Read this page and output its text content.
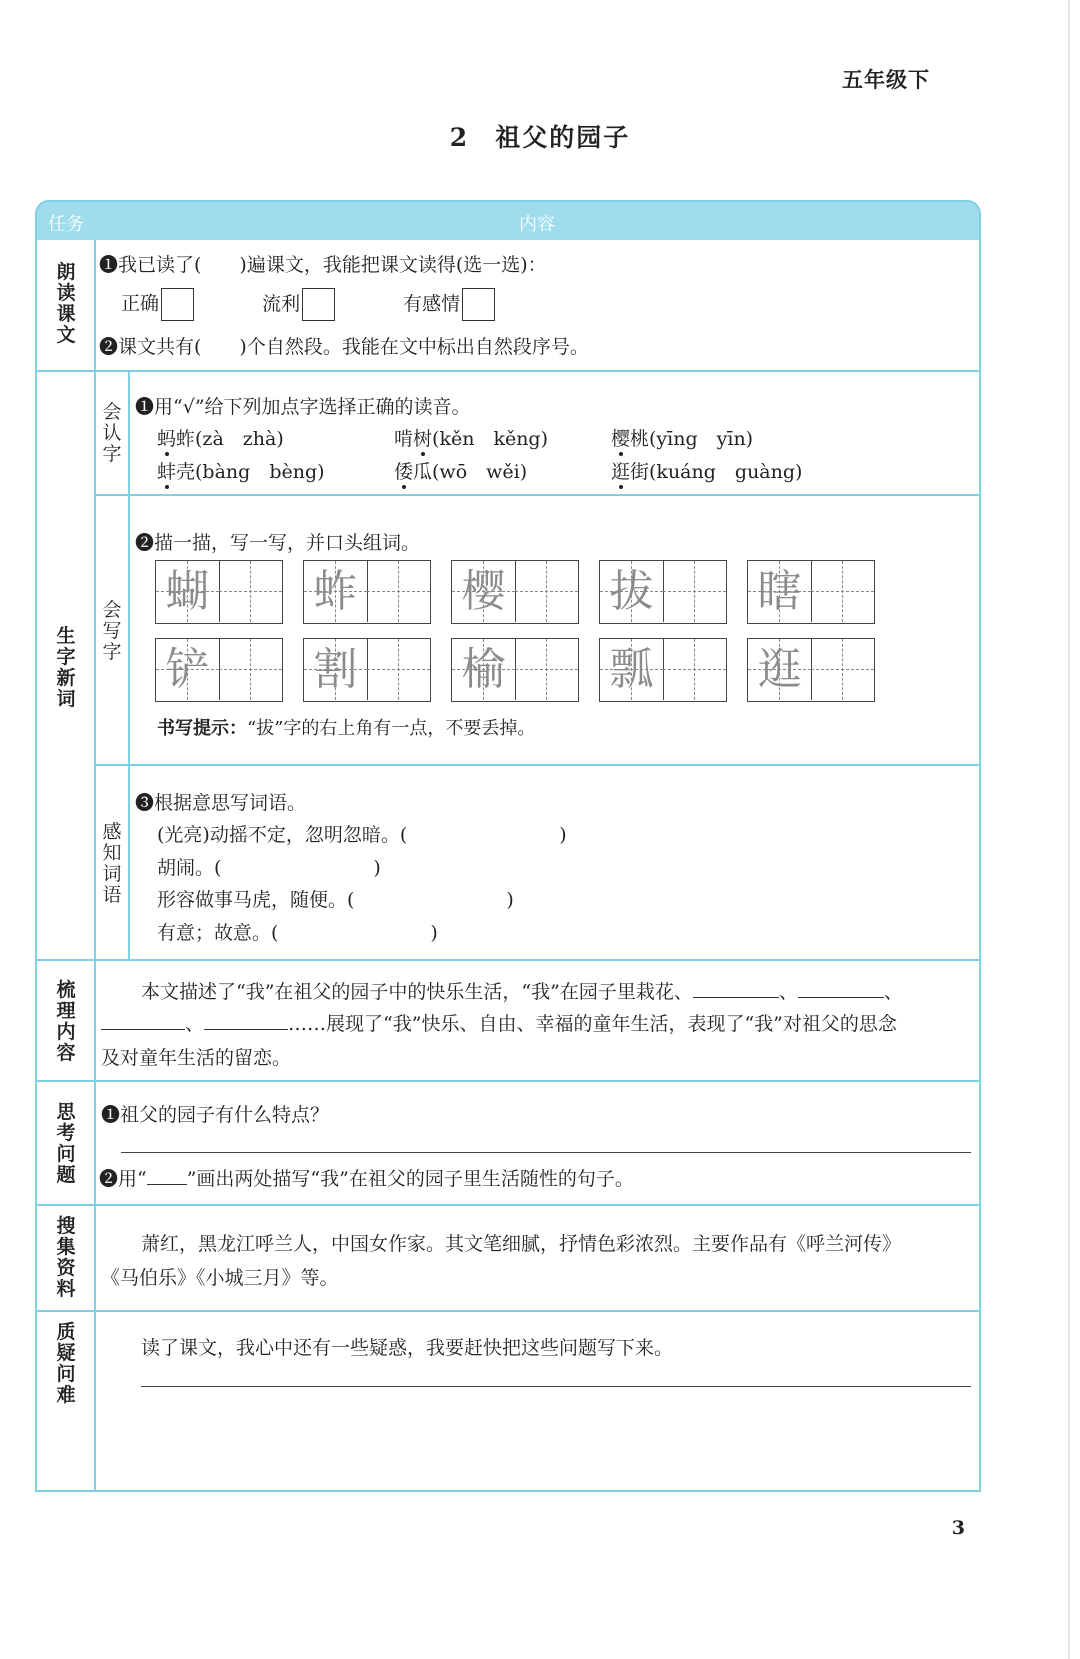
五年级下
2 祖父的园子
任务	内容
朗
读
课
文
❶我已读了(　　)遍课文，我能把课文读得(选一选)：
正确	流利	有感情
❷课文共有(　　)个自然段。我能在文中标出自然段序号。
生
字
新
词
会
认
字
❶用“√”给下列加点字选择正确的读音。
蚂蚱(zà　zhà)	啃树(kěn　kěng)	樱桃(yīng　yīn)
蚌壳(bàng　bèng)	倭瓜(wō　wěi)	逛街(kuáng　guàng)
会
写
字
❷描一描，写一写，并口头组词。
蝴 蚱 樱 拔 瞎
铲 割 榆 瓢 逛
书写提示：“拔”字的右上角有一点，不要丢掉。
感
知
词
语
❸根据意思写词语。
(光亮)动摇不定，忽明忽暗。(　　　　　　　　)
胡闹。(　　　　　　　　)
形容做事马虎，随便。(　　　　　　　　)
有意；故意。(　　　　　　　　)
梳
理
内
容
本文描述了“我”在祖父的园子中的快乐生活，“我”在园子里栽花、	、	、
、	……展现了“我”快乐、自由、幸福的童年生活，表现了“我”对祖父的思念
及对童年生活的留恋。
思
考
问
题
❶祖父的园子有什么特点？
❷用“ ”画出两处描写“我”在祖父的园子里生活随性的句子。
搜
集
资
料
萧红，黑龙江呼兰人，中国女作家。其文笔细腻，抒情色彩浓烈。主要作品有《呼兰河传》
《马伯乐》《小城三月》等。
质
疑
问
难
读了课文，我心中还有一些疑惑，我要赶快把这些问题写下来。
3
